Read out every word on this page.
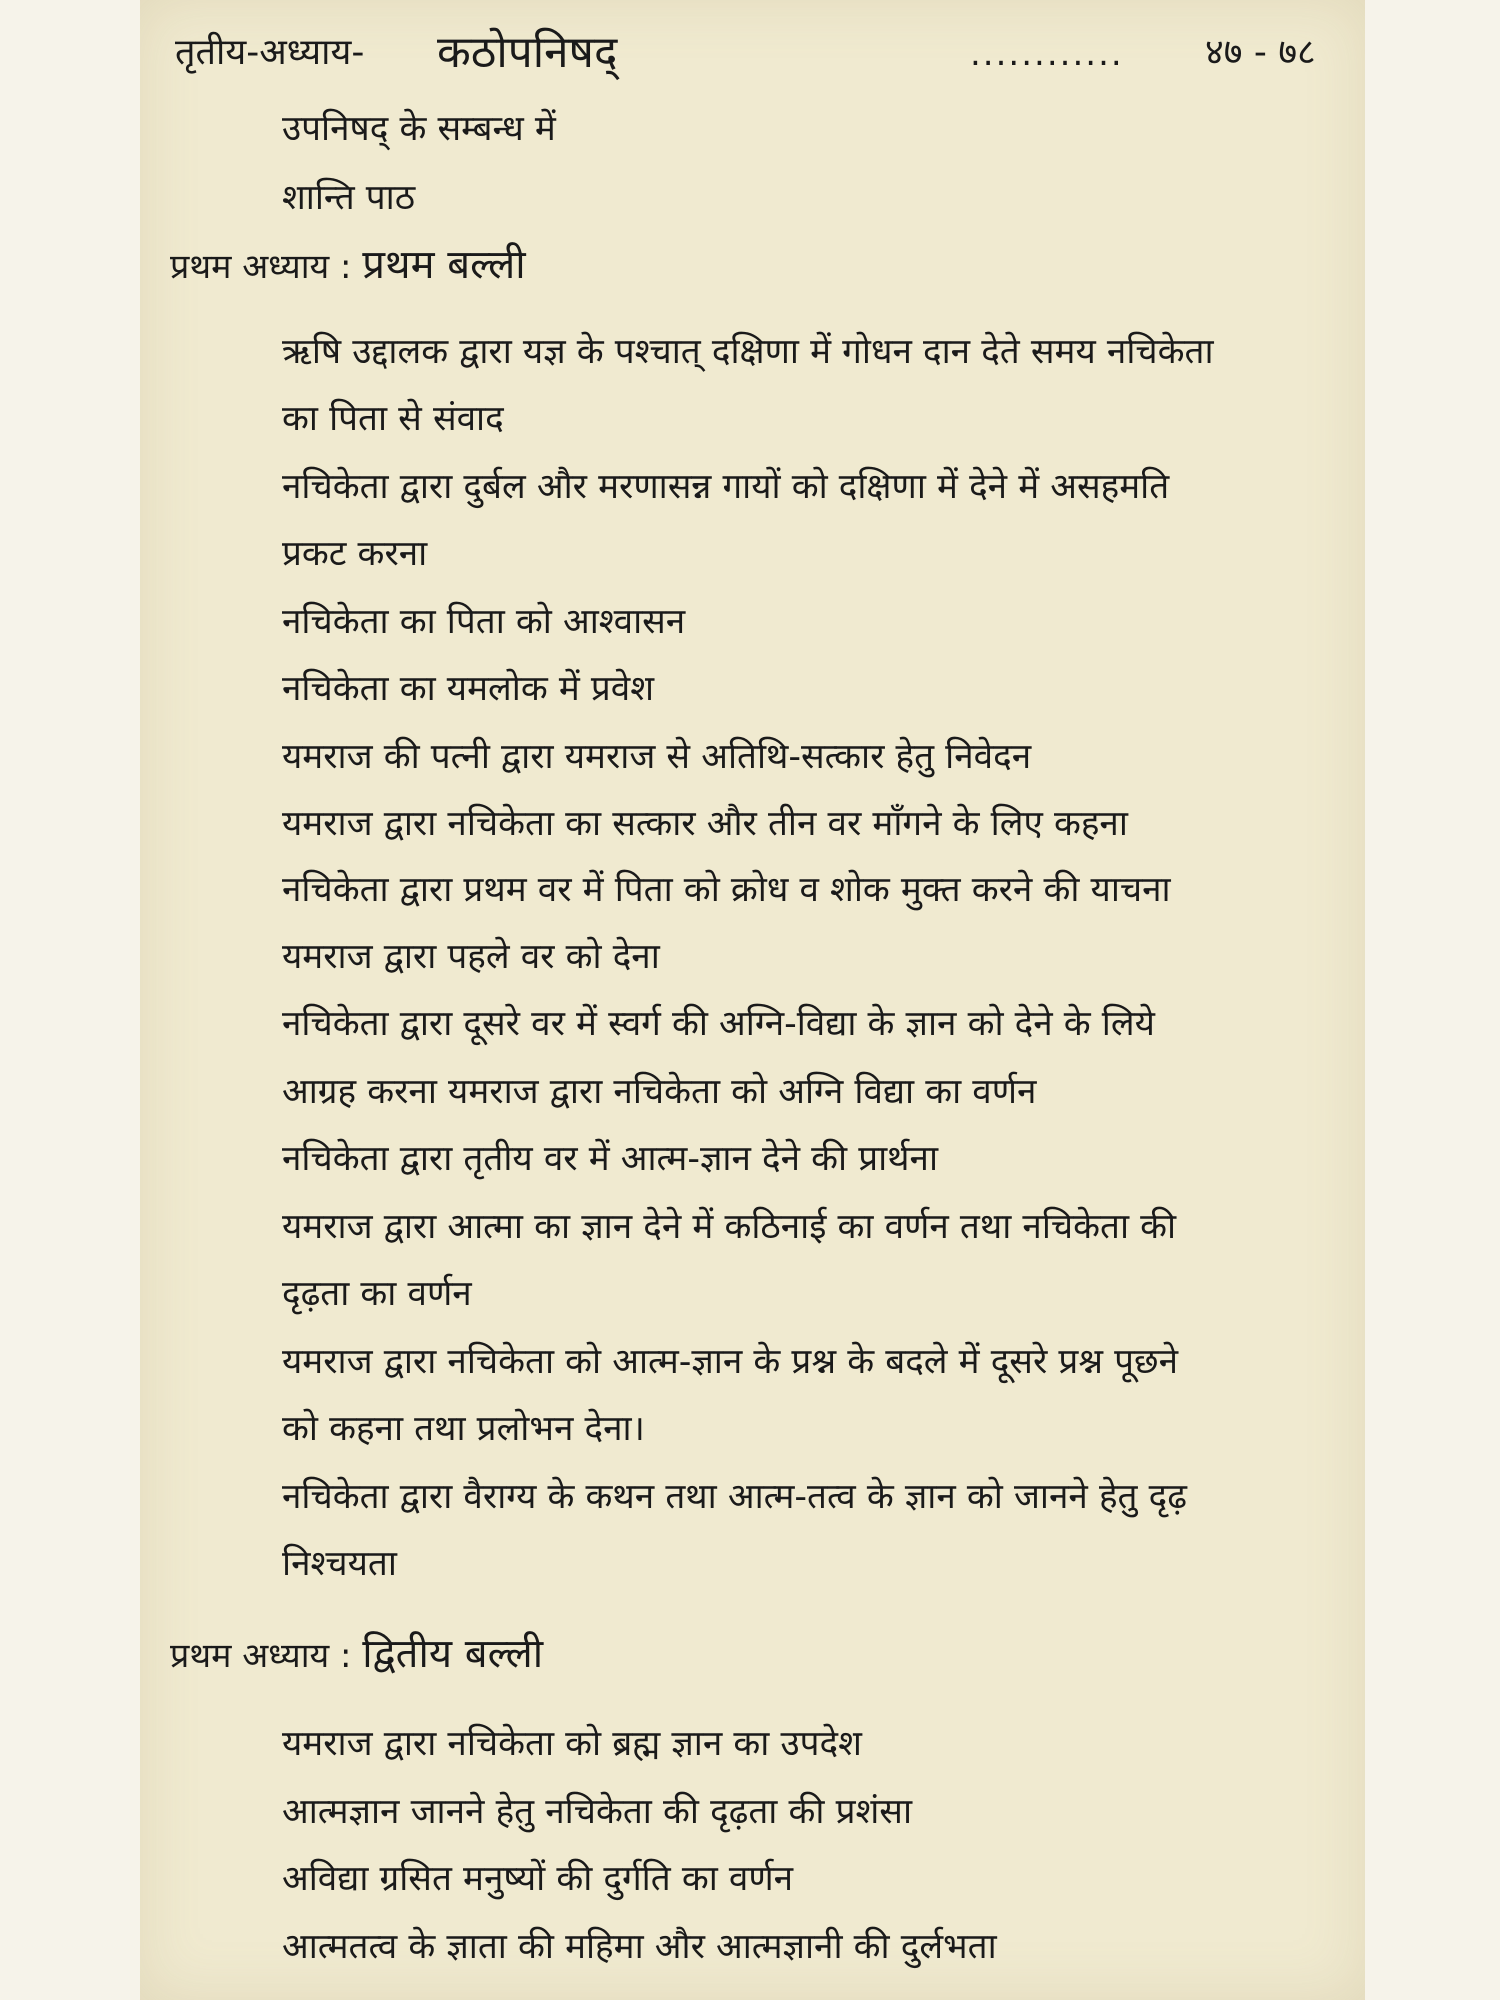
तृतीय-अध्याय- कठोपनिषद्	............ ४७ - ७८
उपनिषद् के सम्बन्ध में
शान्ति पाठ
प्रथम अध्याय : प्रथम बल्ली
ऋषि उद्दालक द्वारा यज्ञ के पश्चात् दक्षिणा में गोधन दान देते समय नचिकेता
का पिता से संवाद
नचिकेता द्वारा दुर्बल और मरणासन्न गायों को दक्षिणा में देने में असहमति
प्रकट करना
नचिकेता का पिता को आश्वासन
नचिकेता का यमलोक में प्रवेश
यमराज की पत्नी द्वारा यमराज से अतिथि-सत्कार हेतु निवेदन
यमराज द्वारा नचिकेता का सत्कार और तीन वर माँगने के लिए कहना
नचिकेता द्वारा प्रथम वर में पिता को क्रोध व शोक मुक्त करने की याचना
यमराज द्वारा पहले वर को देना
नचिकेता द्वारा दूसरे वर में स्वर्ग की अग्नि-विद्या के ज्ञान को देने के लिये
आग्रह करना यमराज द्वारा नचिकेता को अग्नि विद्या का वर्णन
नचिकेता द्वारा तृतीय वर में आत्म-ज्ञान देने की प्रार्थना
यमराज द्वारा आत्मा का ज्ञान देने में कठिनाई का वर्णन तथा नचिकेता की
दृढ़ता का वर्णन
यमराज द्वारा नचिकेता को आत्म-ज्ञान के प्रश्न के बदले में दूसरे प्रश्न पूछने
को कहना तथा प्रलोभन देना।
नचिकेता द्वारा वैराग्य के कथन तथा आत्म-तत्व के ज्ञान को जानने हेतु दृढ़
निश्चयता
प्रथम अध्याय : द्वितीय बल्ली
यमराज द्वारा नचिकेता को ब्रह्म ज्ञान का उपदेश
आत्मज्ञान जानने हेतु नचिकेता की दृढ़ता की प्रशंसा
अविद्या ग्रसित मनुष्यों की दुर्गति का वर्णन
आत्मतत्व के ज्ञाता की महिमा और आत्मज्ञानी की दुर्लभता
